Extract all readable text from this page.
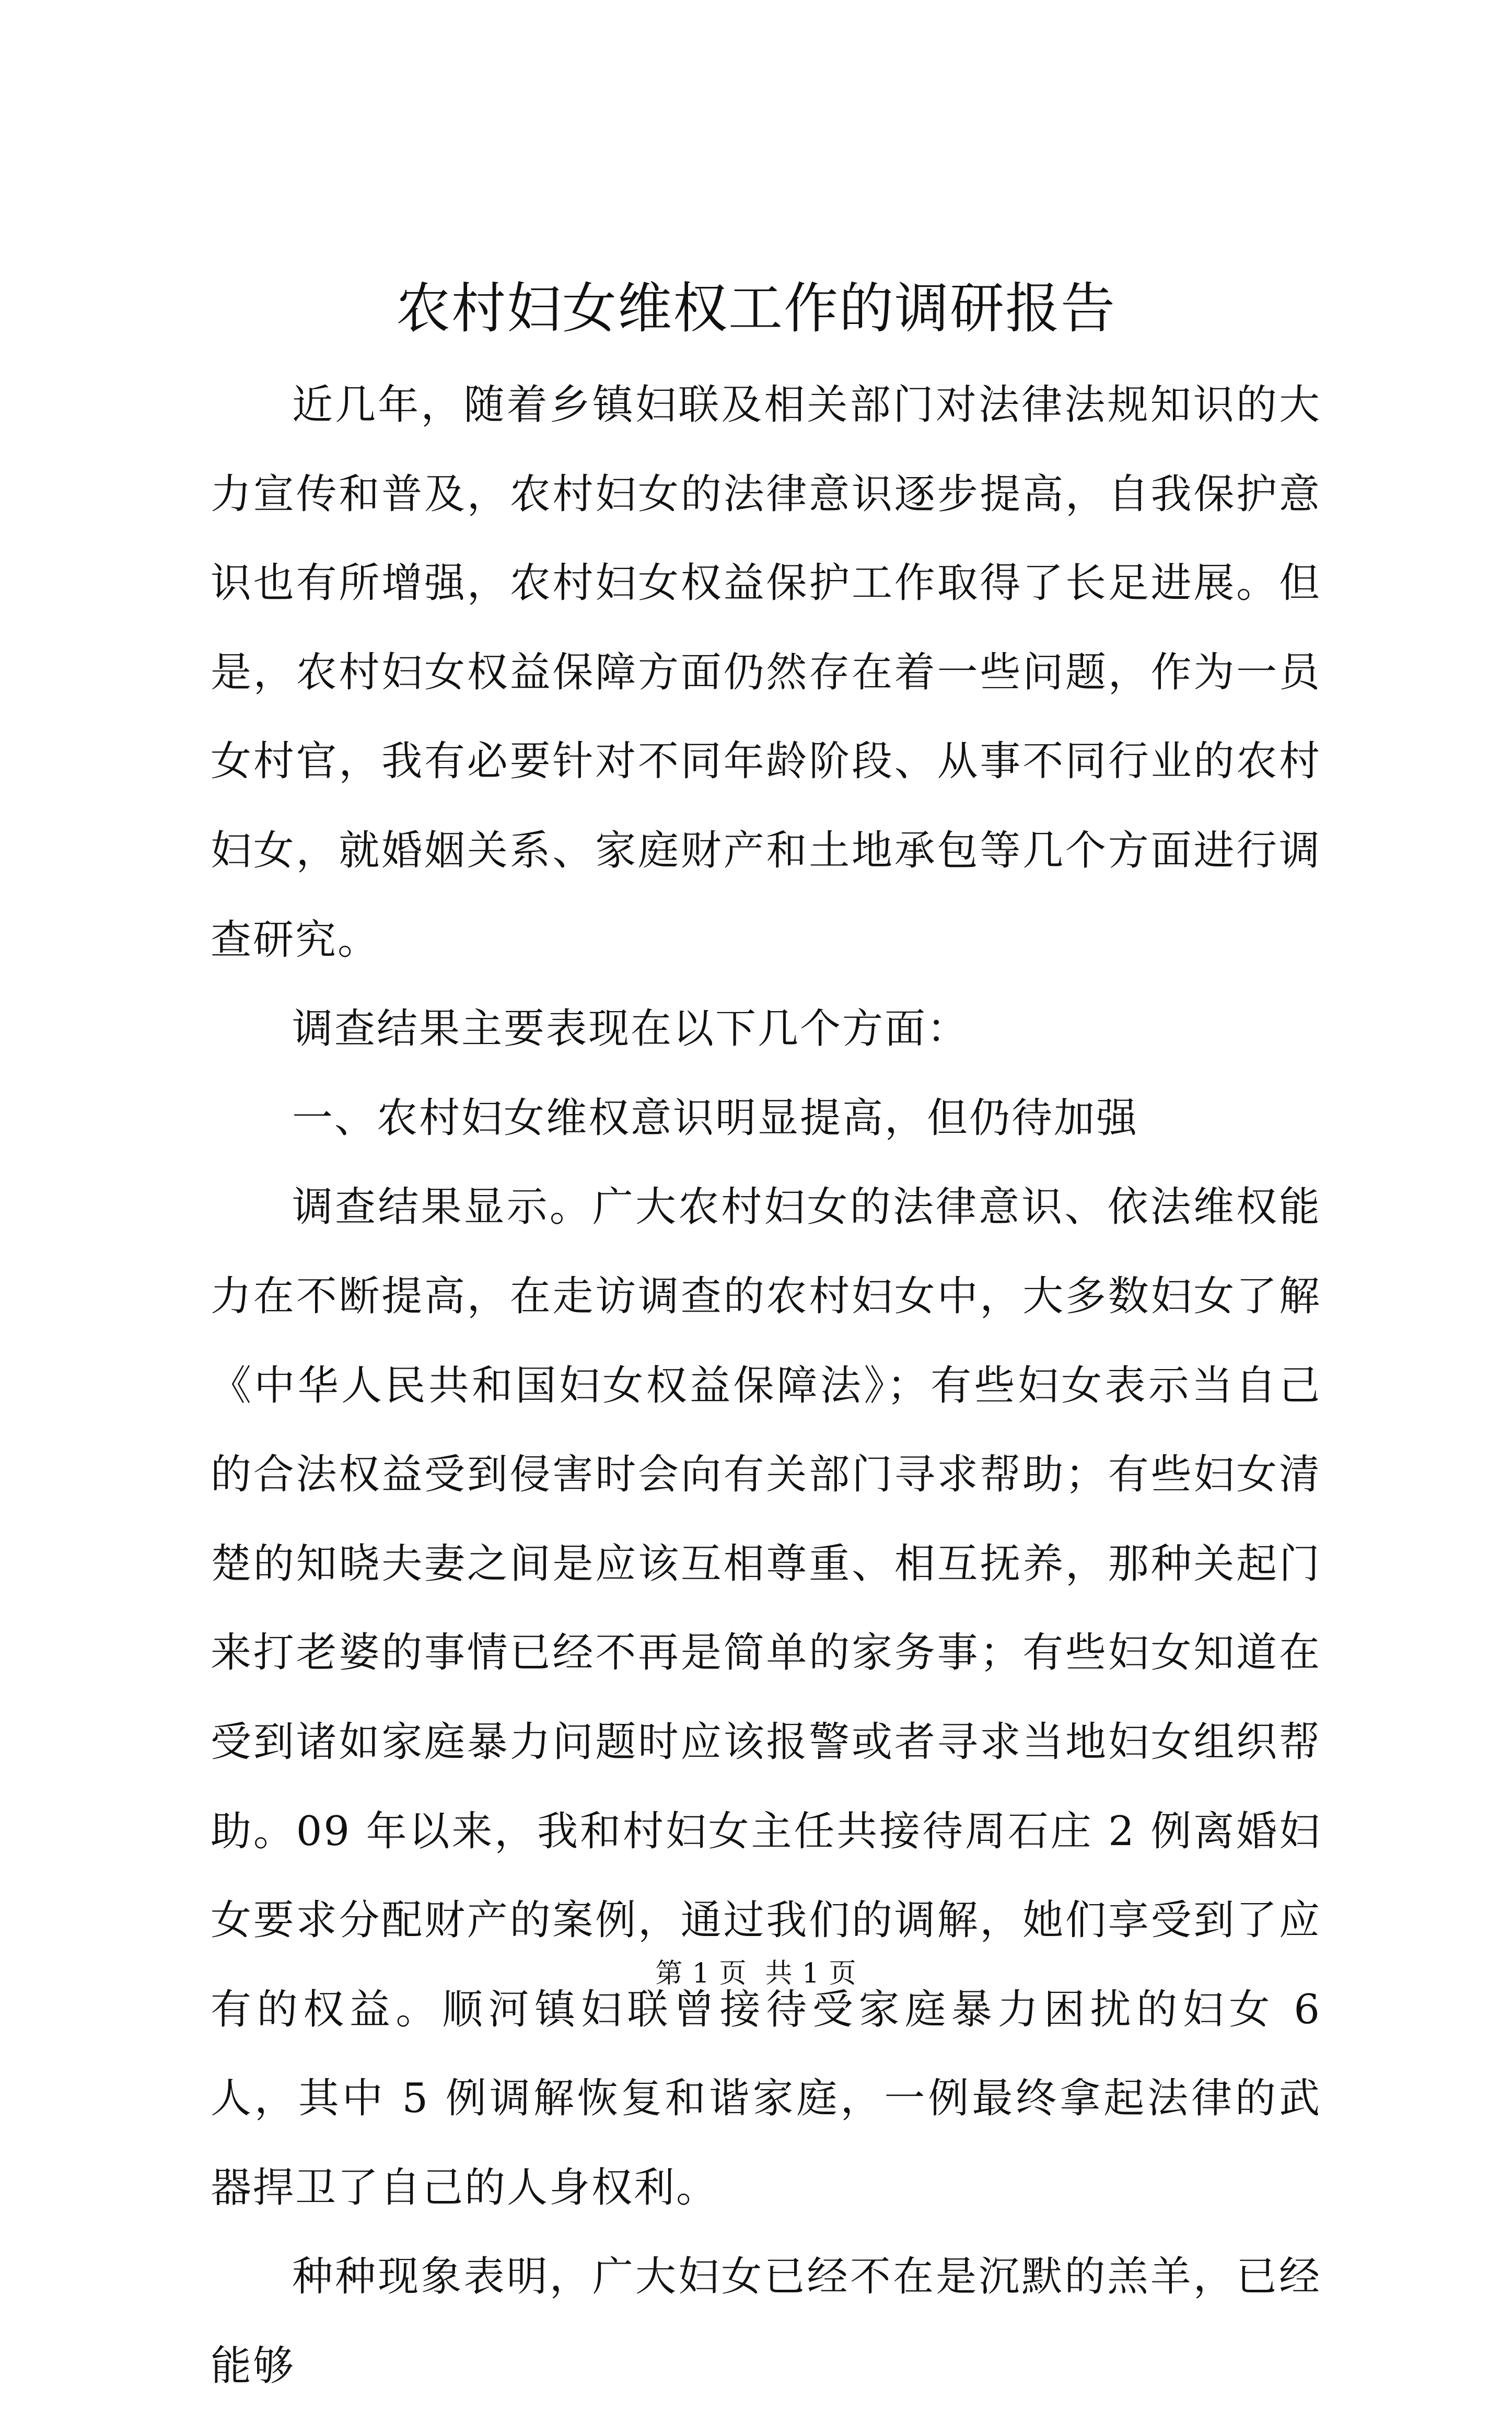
农村妇女维权工作的调研报告

近几年，随着乡镇妇联及相关部门对法律法规知识的大力宣传和普及，农村妇女的法律意识逐步提高，自我保护意识也有所增强，农村妇女权益保护工作取得了长足进展。但是，农村妇女权益保障方面仍然存在着一些问题，作为一员女村官，我有必要针对不同年龄阶段、从事不同行业的农村妇女，就婚姻关系、家庭财产和土地承包等几个方面进行调查研究。

调查结果主要表现在以下几个方面：

一、农村妇女维权意识明显提高，但仍待加强

调查结果显示。广大农村妇女的法律意识、依法维权能力在不断提高，在走访调查的农村妇女中，大多数妇女了解《中华人民共和国妇女权益保障法》；有些妇女表示当自己的合法权益受到侵害时会向有关部门寻求帮助；有些妇女清楚的知晓夫妻之间是应该互相尊重、相互抚养，那种关起门来打老婆的事情已经不再是简单的家务事；有些妇女知道在受到诸如家庭暴力问题时应该报警或者寻求当地妇女组织帮助。09 年以来，我和村妇女主任共接待周石庄 2 例离婚妇女要求分配财产的案例，通过我们的调解，她们享受到了应有的权益。顺河镇妇联曾接待受家庭暴力困扰的妇女 6 人，其中 5 例调解恢复和谐家庭，一例最终拿起法律的武器捍卫了自己的人身权利。

种种现象表明，广大妇女已经不在是沉默的羔羊，已经能够

第 1 页 共 1 页
